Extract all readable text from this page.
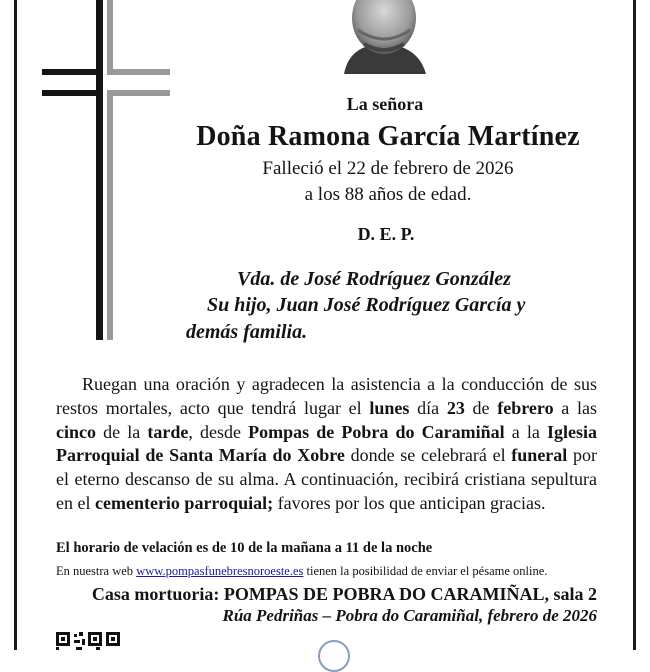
La señora
Doña Ramona García Martínez
Falleció el 22 de febrero de 2026
a los 88 años de edad.
D. E. P.
Vda. de José Rodríguez González
Su hijo, Juan José Rodríguez García y
demás familia.
Ruegan una oración y agradecen la asistencia a la conducción de sus restos mortales, acto que tendrá lugar el lunes día 23 de febrero a las cinco de la tarde, desde Pompas de Pobra do Caramiñal a la Iglesia Parroquial de Santa María do Xobre donde se celebrará el funeral por el eterno descanso de su alma. A continuación, recibirá cristiana sepultura en el cementerio parroquial; favores por los que anticipan gracias.
El horario de velación es de 10 de la mañana a 11 de la noche
En nuestra web www.pompasfunebresnoroeste.es tienen la posibilidad de enviar el pésame online.
Casa mortuoria: POMPAS DE POBRA DO CARAMIÑAL, sala 2
Rúa Pedriñas – Pobra do Caramiñal, febrero de 2026
